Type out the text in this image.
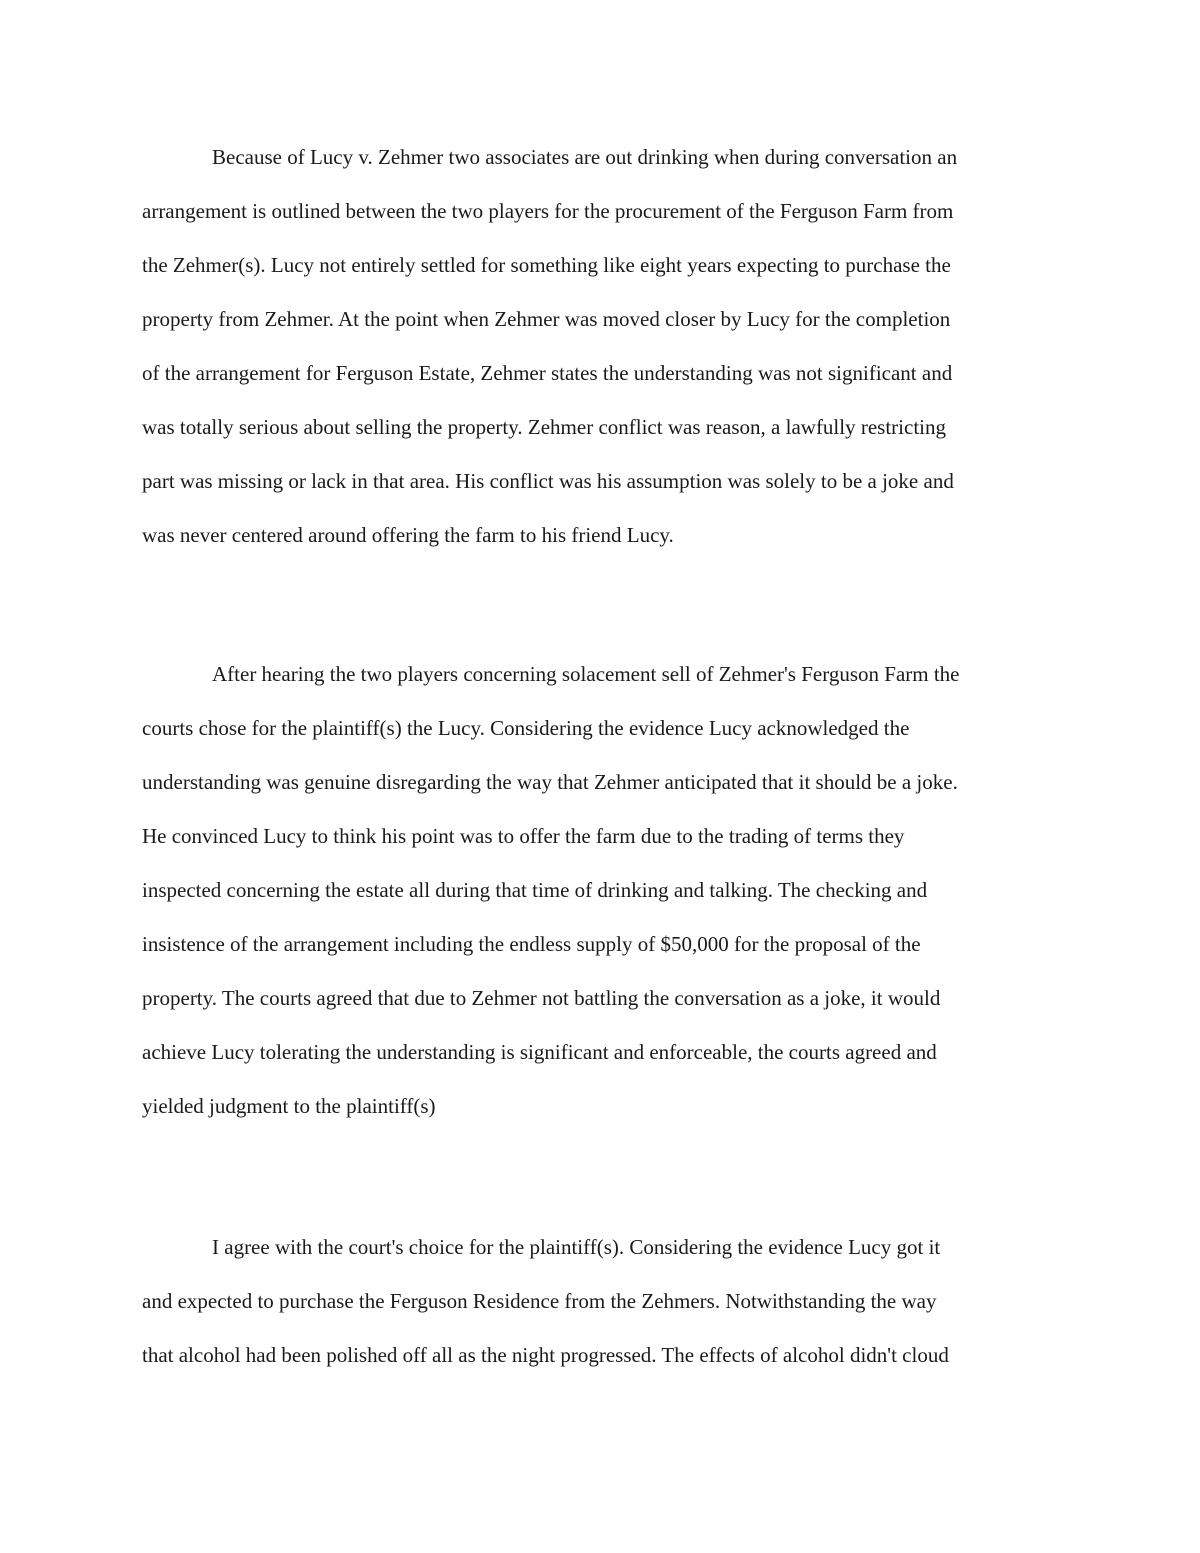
Because of Lucy v. Zehmer two associates are out drinking when during conversation an
arrangement is outlined between the two players for the procurement of the Ferguson Farm from
the Zehmer(s). Lucy not entirely settled for something like eight years expecting to purchase the
property from Zehmer. At the point when Zehmer was moved closer by Lucy for the completion
of the arrangement for Ferguson Estate, Zehmer states the understanding was not significant and
was totally serious about selling the property. Zehmer conflict was reason, a lawfully restricting
part was missing or lack in that area. His conflict was his assumption was solely to be a joke and
was never centered around offering the farm to his friend Lucy.
After hearing the two players concerning solacement sell of Zehmer's Ferguson Farm the
courts chose for the plaintiff(s) the Lucy. Considering the evidence Lucy acknowledged the
understanding was genuine disregarding the way that Zehmer anticipated that it should be a joke.
He convinced Lucy to think his point was to offer the farm due to the trading of terms they
inspected concerning the estate all during that time of drinking and talking. The checking and
insistence of the arrangement including the endless supply of $50,000 for the proposal of the
property. The courts agreed that due to Zehmer not battling the conversation as a joke, it would
achieve Lucy tolerating the understanding is significant and enforceable, the courts agreed and
yielded judgment to the plaintiff(s)
I agree with the court's choice for the plaintiff(s). Considering the evidence Lucy got it
and expected to purchase the Ferguson Residence from the Zehmers. Notwithstanding the way
that alcohol had been polished off all as the night progressed. The effects of alcohol didn't cloud
